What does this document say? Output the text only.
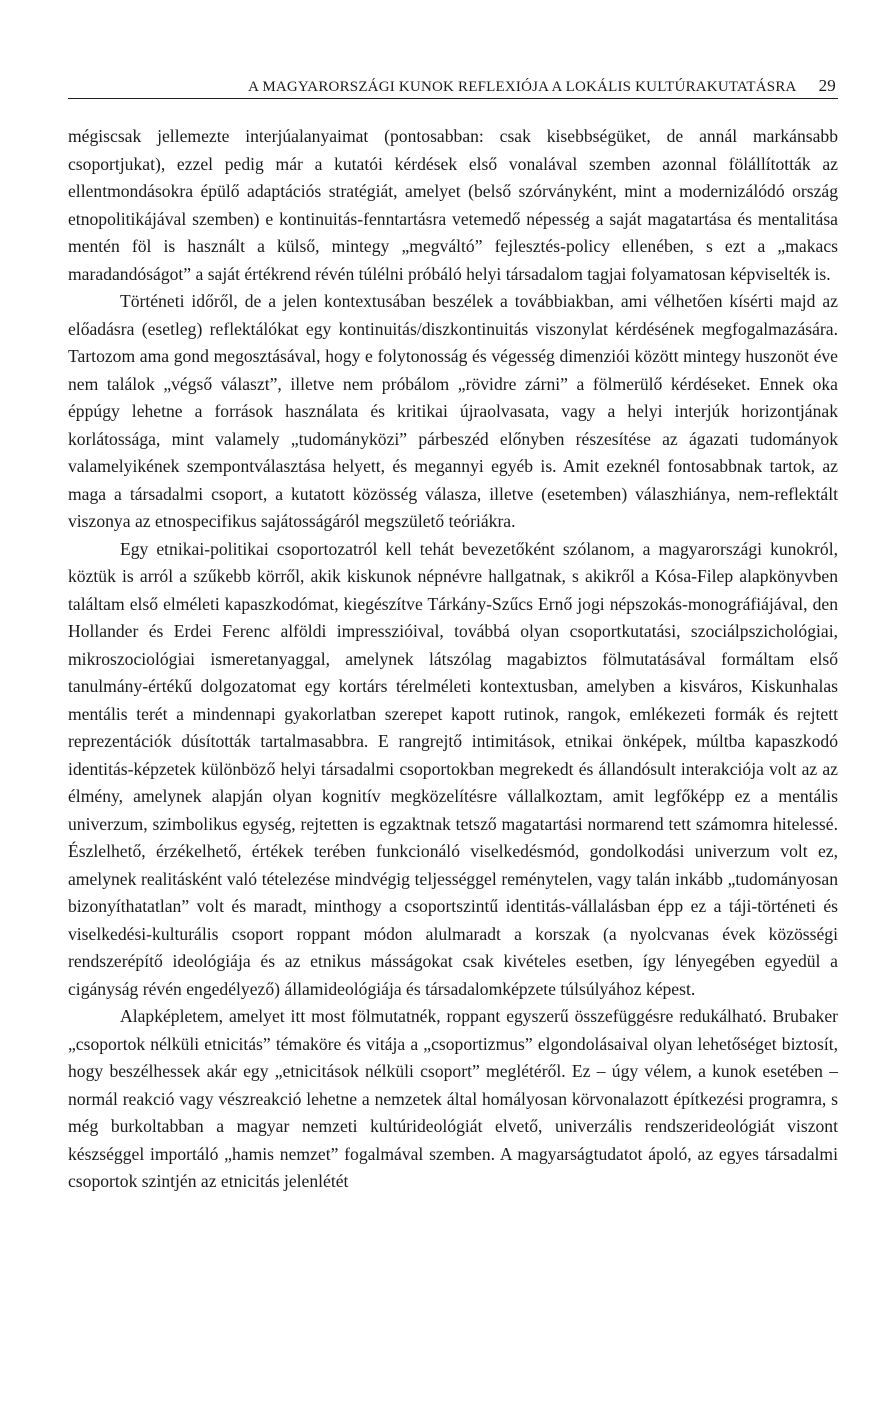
A MAGYARORSZÁGI KUNOK REFLEXIÓJA A LOKÁLIS KULTÚRAKUTATÁSRA	29

mégiscsak jellemezte interjúalanyaimat (pontosabban: csak kisebbségüket, de annál markánsabb csoportjukat), ezzel pedig már a kutatói kérdések első vonalával szemben azonnal fölállították az ellentmondásokra épülő adaptációs stratégiát, amelyet (belső szórványként, mint a modernizálódó ország etnopolitikájával szemben) e kontinuitás-fenntartásra vetemedő népesség a saját magatartása és mentalitása mentén föl is használt a külső, mintegy „megváltó” fejlesztés-policy ellenében, s ezt a „makacs maradandóságot” a saját értékrend révén túlélni próbáló helyi társadalom tagjai folyamatosan képviselték is.

Történeti időről, de a jelen kontextusában beszélek a továbbiakban, ami vélhetően kísérti majd az előadásra (esetleg) reflektálókat egy kontinuitás/diszkontinuitás viszonylat kérdésének megfogalmazására. Tartozom ama gond megosztásával, hogy e folytonosság és végesség dimenziói között mintegy huszonöt éve nem találok „végső választ”, illetve nem próbálom „rövidre zárni” a fölmerülő kérdéseket. Ennek oka éppúgy lehetne a források használata és kritikai újraolvasata, vagy a helyi interjúk horizontjának korlátossága, mint valamely „tudományközi” párbeszéd előnyben részesítése az ágazati tudományok valamelyikének szempontválasztása helyett, és megannyi egyéb is. Amit ezeknél fontosabbnak tartok, az maga a társadalmi csoport, a kutatott közösség válasza, illetve (esetemben) válaszhiánya, nem-reflektált viszonya az etnospecifikus sajátosságáról megszülető teóriákra.

Egy etnikai-politikai csoportozatról kell tehát bevezetőként szólanom, a magyarországi kunokról, köztük is arról a szűkebb körről, akik kiskunok népnévre hallgatnak, s akikről a Kósa-Filep alapkönyvben találtam első elméleti kapaszkodómat, kiegészítve Tárkány-Szűcs Ernő jogi népszokás-monográfiájával, den Hollander és Erdei Ferenc alföldi impresszióival, továbbá olyan csoportkutatási, szociálpszichológiai, mikroszociológiai ismeretanyaggal, amelynek látszólag magabiztos fölmutatásával formáltam első tanulmány-értékű dolgozatomat egy kortárs térelméleti kontextusban, amelyben a kisváros, Kiskunhalas mentális terét a mindennapi gyakorlatban szerepet kapott rutinok, rangok, emlékezeti formák és rejtett reprezentációk dúsították tartalmasabbra. E rangrejtő intimitások, etnikai önképek, múltba kapaszkodó identitás-képzetek különböző helyi társadalmi csoportokban megrekedt és állandósult interakciója volt az az élmény, amelynek alapján olyan kognitív megközelítésre vállalkoztam, amit legfőképp ez a mentális univerzum, szimbolikus egység, rejtetten is egzaktnak tetsző magatartási normarend tett számomra hitelessé. Észlelhető, érzékelhető, értékek terében funkcionáló viselkedésmód, gondolkodási univerzum volt ez, amelynek realitásként való tételezése mindvégig teljességgel reménytelen, vagy talán inkább „tudományosan bizonyíthatatlan” volt és maradt, minthogy a csoportszintű identitás-vállalásban épp ez a táji-történeti és viselkedési-kulturális csoport roppant módon alulmaradt a korszak (a nyolcvanas évek közösségi rendszerépítő ideológiája és az etnikus másságokat csak kivételes esetben, így lényegében egyedül a cigányság révén engedélyező) államideológiája és társadalomképzete túlsúlyához képest.

Alapképletem, amelyet itt most fölmutatnék, roppant egyszerű összefüggésre redukálható. Brubaker „csoportok nélküli etnicitás” témaköre és vitája a „csoportizmus” elgondolásaival olyan lehetőséget biztosít, hogy beszélhessek akár egy „etnicitások nélküli csoport” meglétéről. Ez – úgy vélem, a kunok esetében – normál reakció vagy vészreakció lehetne a nemzetek által homályosan körvonalazott építkezési programra, s még burkoltabban a magyar nemzeti kultúrideológiát elvető, univerzális rendszerideológiát viszont készséggel importáló „hamis nemzet” fogalmával szemben. A magyarságtudatot ápoló, az egyes társadalmi csoportok szintjén az etnicitás jelenlétét
